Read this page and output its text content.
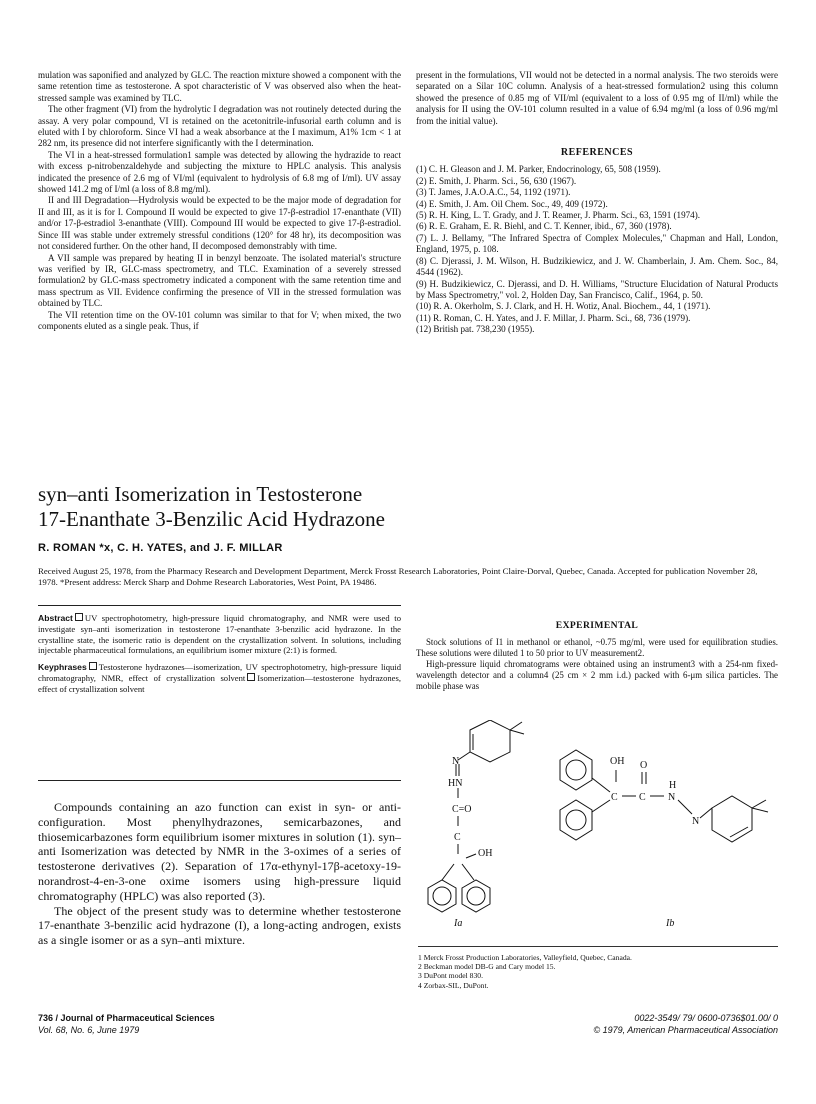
mulation was saponified and analyzed by GLC. The reaction mixture showed a component with the same retention time as testosterone. A spot characteristic of V was observed also when the heat-stressed sample was examined by TLC.

The other fragment (VI) from the hydrolytic I degradation was not routinely detected during the assay. A very polar compound, VI is retained on the acetonitrile-infusorial earth column and is eluted with I by chloroform. Since VI had a weak absorbance at the I maximum, A1% 1cm < 1 at 282 nm, its presence did not interfere significantly with the I determination.

The VI in a heat-stressed formulation1 sample was detected by allowing the hydrazide to react with excess p-nitrobenzaldehyde and subjecting the mixture to HPLC analysis. This analysis indicated the presence of 2.6 mg of VI/ml (equivalent to hydrolysis of 6.8 mg of I/ml). UV assay showed 141.2 mg of I/ml (a loss of 8.8 mg/ml).

II and III Degradation—Hydrolysis would be expected to be the major mode of degradation for II and III, as it is for I. Compound II would be expected to give 17-β-estradiol 17-enanthate (VII) and/or 17-β-estradiol 3-enanthate (VIII). Compound III would be expected to give 17-β-estradiol. Since III was stable under extremely stressful conditions (120° for 48 hr), its decomposition was not considered further. On the other hand, II decomposed demonstrably with time.

A VII sample was prepared by heating II in benzyl benzoate. The isolated material's structure was verified by IR, GLC-mass spectrometry, and TLC. Examination of a severely stressed formulation2 by GLC-mass spectrometry indicated a component with the same retention time and mass spectrum as VII. Evidence confirming the presence of VII in the stressed formulation was obtained by TLC.

The VII retention time on the OV-101 column was similar to that for V; when mixed, the two components eluted as a single peak. Thus, if

present in the formulations, VII would not be detected in a normal analysis. The two steroids were separated on a Silar 10C column. Analysis of a heat-stressed formulation2 using this column showed the presence of 0.85 mg of VII/ml (equivalent to a loss of 0.95 mg of II/ml) while the analysis for II using the OV-101 column resulted in a value of 6.94 mg/ml (a loss of 0.96 mg/ml from the initial value).

REFERENCES

(1) C. H. Gleason and J. M. Parker, Endocrinology, 65, 508 (1959).

(2) E. Smith, J. Pharm. Sci., 56, 630 (1967).

(3) T. James, J.A.O.A.C., 54, 1192 (1971).

(4) E. Smith, J. Am. Oil Chem. Soc., 49, 409 (1972).

(5) R. H. King, L. T. Grady, and J. T. Reamer, J. Pharm. Sci., 63, 1591 (1974).

(6) R. E. Graham, E. R. Biehl, and C. T. Kenner, ibid., 67, 360 (1978).

(7) L. J. Bellamy, "The Infrared Spectra of Complex Molecules," Chapman and Hall, London, England, 1975, p. 108.

(8) C. Djerassi, J. M. Wilson, H. Budzikiewicz, and J. W. Chamberlain, J. Am. Chem. Soc., 84, 4544 (1962).

(9) H. Budzikiewicz, C. Djerassi, and D. H. Williams, "Structure Elucidation of Natural Products by Mass Spectrometry," vol. 2, Holden Day, San Francisco, Calif., 1964, p. 50.

(10) R. A. Okerholm, S. J. Clark, and H. H. Wotiz, Anal. Biochem., 44, 1 (1971).

(11) R. Roman, C. H. Yates, and J. F. Millar, J. Pharm. Sci., 68, 736 (1979).

(12) British pat. 738,230 (1955).

syn–anti Isomerization in Testosterone
17-Enanthate 3-Benzilic Acid Hydrazone
R. ROMAN *x, C. H. YATES, and J. F. MILLAR
Received August 25, 1978, from the Pharmacy Research and Development Department, Merck Frosst Research Laboratories, Point Claire-Dorval, Quebec, Canada. Accepted for publication November 28, 1978. *Present address: Merck Sharp and Dohme Research Laboratories, West Point, PA 19486.

Abstract UV spectrophotometry, high-pressure liquid chromatography, and NMR were used to investigate syn–anti isomerization in testosterone 17-enanthate 3-benzilic acid hydrazone. In the crystalline state, the isomeric ratio is dependent on the crystallization solvent. In solutions, including injectable pharmaceutical formulations, an equilibrium isomer mixture (2:1) is formed.

Keyphrases Testosterone hydrazones—isomerization, UV spectrophotometry, high-pressure liquid chromatography, NMR, effect of crystallization solvent Isomerization—testosterone hydrazones, effect of crystallization solvent

Compounds containing an azo function can exist in syn- or anti-configuration. Most phenylhydrazones, semicarbazones, and thiosemicarbazones form equilibrium isomer mixtures in solution (1). syn–anti Isomerization was detected by NMR in the 3-oximes of a series of testosterone derivatives (2). Separation of 17α-ethynyl-17β-acetoxy-19-norandrost-4-en-3-one oxime isomers using high-pressure liquid chromatography (HPLC) was also reported (3).

The object of the present study was to determine whether testosterone 17-enanthate 3-benzilic acid hydrazone (I), a long-acting androgen, exists as a single isomer or as a syn–anti mixture.

EXPERIMENTAL

Stock solutions of I1 in methanol or ethanol, ~0.75 mg/ml, were used for equilibration studies. These solutions were diluted 1 to 50 prior to UV measurement2.

High-pressure liquid chromatograms were obtained using an instrument3 with a 254-nm fixed-wavelength detector and a column4 (25 cm × 2 mm i.d.) packed with 6-μm silica particles. The mobile phase was

N
HN
C=O
C
OH
OH O
C C
H
N
N
Ia	Ib

1 Merck Frosst Production Laboratories, Valleyfield, Quebec, Canada.

2 Beckman model DB-G and Cary model 15.

3 DuPont model 830.

4 Zorbax-SIL, DuPont.

736 / Journal of Pharmaceutical Sciences
Vol. 68, No. 6, June 1979
0022-3549/ 79/ 0600-0736$01.00/ 0
© 1979, American Pharmaceutical Association
